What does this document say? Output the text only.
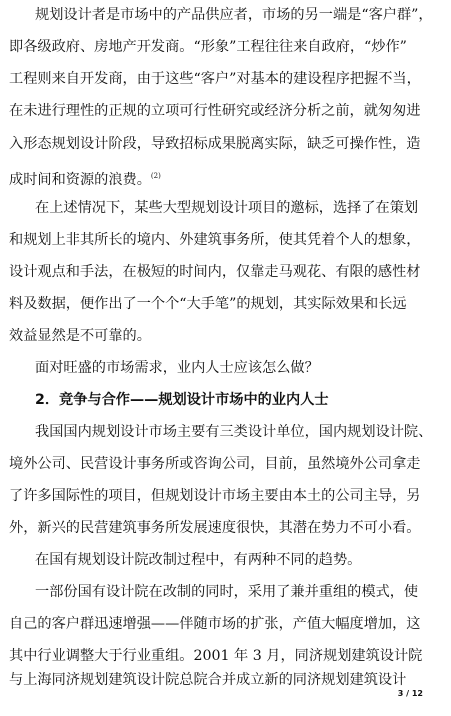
规划设计者是市场中的产品供应者，市场的另一端是“客户群”，
即各级政府、房地产开发商。“形象”工程往往来自政府，“炒作”
工程则来自开发商，由于这些“客户”对基本的建设程序把握不当，
在未进行理性的正规的立项可行性研究或经济分析之前，就匆匆进
入形态规划设计阶段，导致招标成果脱离实际，缺乏可操作性，造
成时间和资源的浪费。$^{(2)}$
在上述情况下，某些大型规划设计项目的邀标，选择了在策划
和规划上非其所长的境内、外建筑事务所，使其凭着个人的想象，
设计观点和手法，在极短的时间内，仅靠走马观花、有限的感性材
料及数据，便作出了一个个“大手笔”的规划，其实际效果和长远
效益显然是不可靠的。
面对旺盛的市场需求，业内人士应该怎么做？
2．竞争与合作——规划设计市场中的业内人士
我国国内规划设计市场主要有三类设计单位，国内规划设计院、
境外公司、民营设计事务所或咨询公司，目前，虽然境外公司拿走
了许多国际性的项目，但规划设计市场主要由本土的公司主导，另
外，新兴的民营建筑事务所发展速度很快，其潜在势力不可小看。
在国有规划设计院改制过程中，有两种不同的趋势。
一部份国有设计院在改制的同时，采用了兼并重组的模式，使
自己的客户群迅速增强——伴随市场的扩张，产值大幅度增加，这
其中行业调整大于行业重组。2001 年 3 月，同济规划建筑设计院
与上海同济规划建筑设计院总院合并成立新的同济规划建筑设计
3 / 12
